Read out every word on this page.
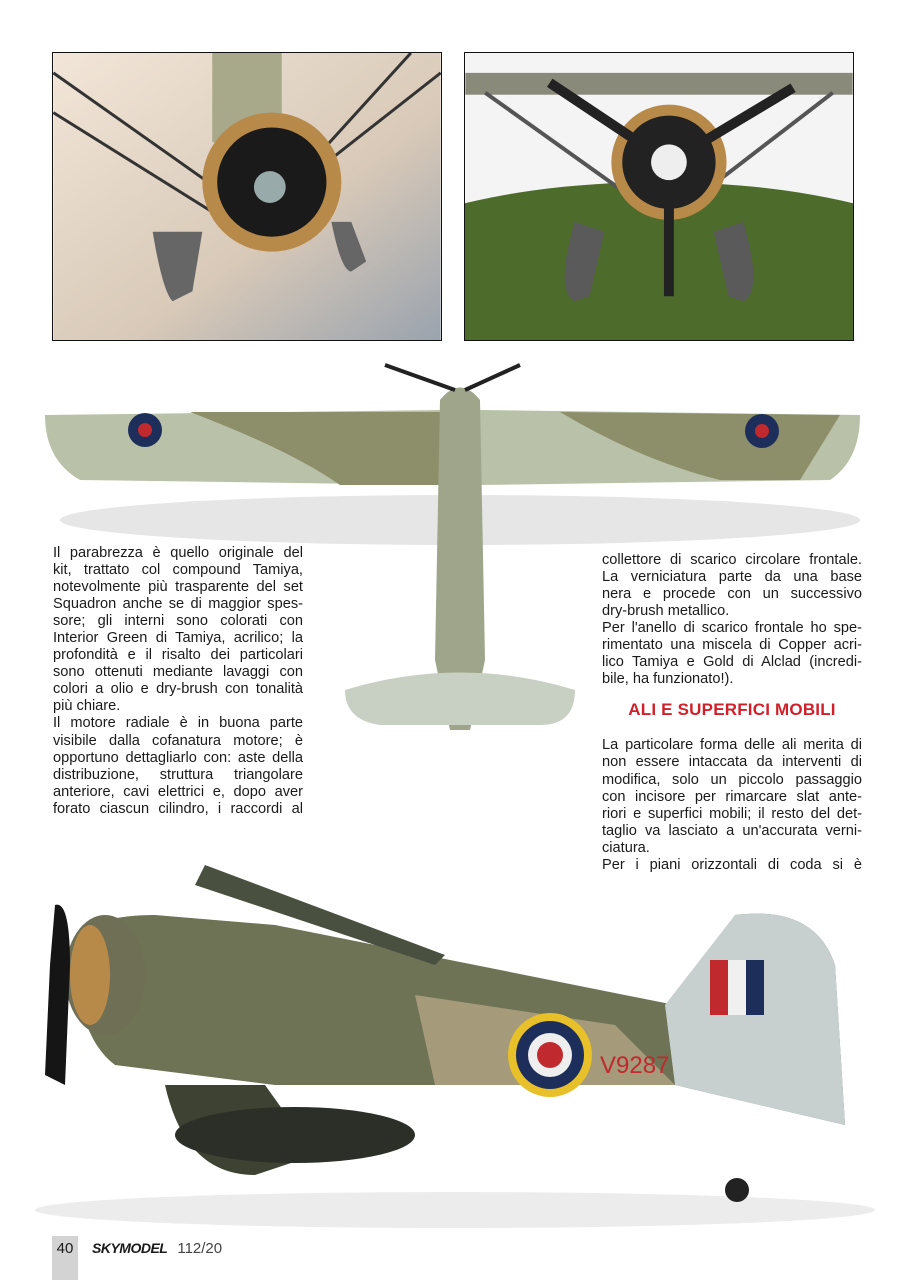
Il parabrezza è quello originale del
kit, trattato col compound Tamiya,
notevolmente più trasparente del set
Squadron anche se di maggior spes-
sore; gli interni sono colorati con
Interior Green di Tamiya, acrilico; la
profondità e il risalto dei particolari
sono ottenuti mediante lavaggi con
colori a olio e dry-brush con tonalità
più chiare.
Il motore radiale è in buona parte
visibile dalla cofanatura motore; è
opportuno dettagliarlo con: aste della
distribuzione, struttura triangolare
anteriore, cavi elettrici e, dopo aver
forato ciascun cilindro, i raccordi al
collettore di scarico circolare frontale.
La verniciatura parte da una base
nera e procede con un successivo
dry-brush metallico.
Per l'anello di scarico frontale ho spe-
rimentato una miscela di Copper acri-
lico Tamiya e Gold di Alclad (incredi-
bile, ha funzionato!).
ALI E SUPERFICI MOBILI
La particolare forma delle ali merita di
non essere intaccata da interventi di
modifica, solo un piccolo passaggio
con incisore per rimarcare slat ante-
riori e superfici mobili; il resto del det-
taglio va lasciato a un'accurata verni-
ciatura.
Per i piani orizzontali di coda si è
V9287
40	SKYMODEL 112/20
